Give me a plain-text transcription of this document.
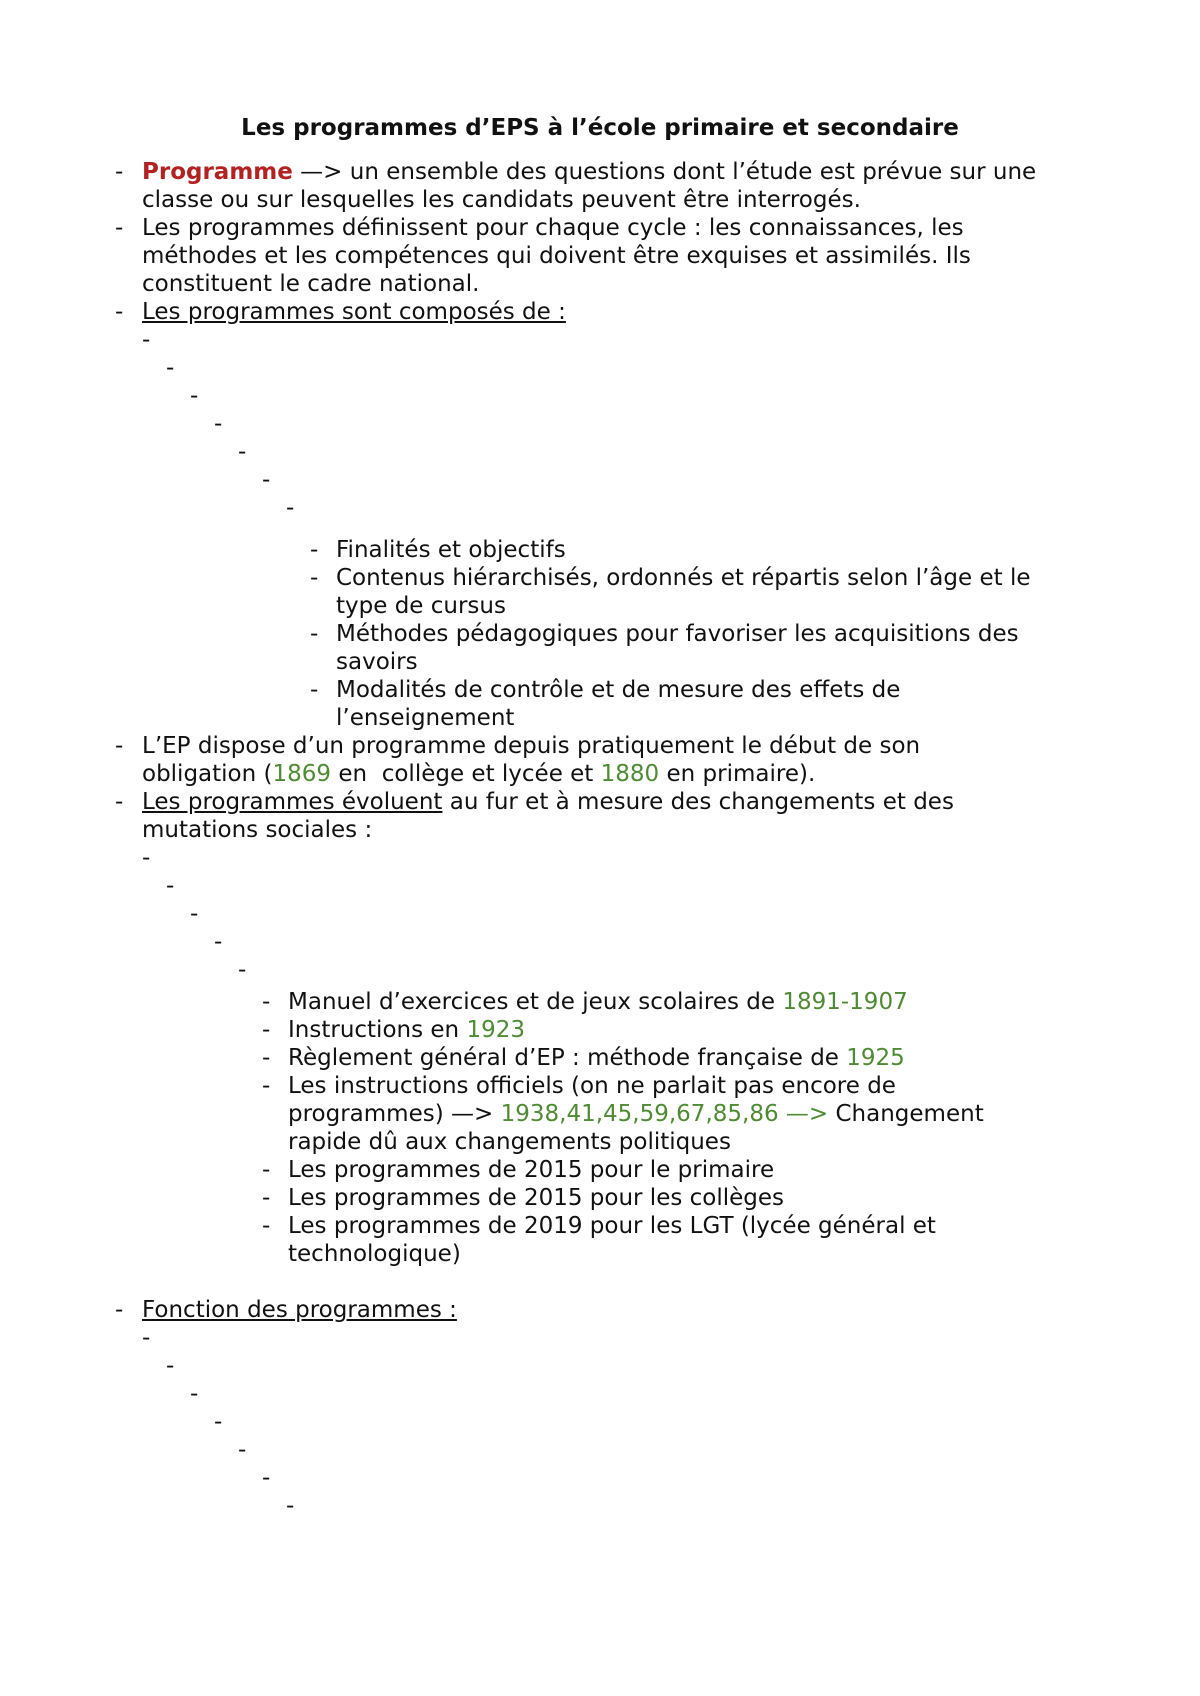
Les programmes d’EPS à l’école primaire et secondaire
- Programme —> un ensemble des questions dont l’étude est prévue sur une
classe ou sur lesquelles les candidats peuvent être interrogés.
- Les programmes définissent pour chaque cycle : les connaissances, les
méthodes et les compétences qui doivent être exquises et assimilés. Ils
constituent le cadre national.
- Les programmes sont composés de :
-
-
-
-
-
-
-
- Finalités et objectifs
- Contenus hiérarchisés, ordonnés et répartis selon l’âge et le
type de cursus
- Méthodes pédagogiques pour favoriser les acquisitions des
savoirs
- Modalités de contrôle et de mesure des effets de
l’enseignement
- L’EP dispose d’un programme depuis pratiquement le début de son
obligation (1869 en  collège et lycée et 1880 en primaire).
- Les programmes évoluent au fur et à mesure des changements et des
mutations sociales :
-
-
-
-
-
- Manuel d’exercices et de jeux scolaires de 1891-1907
- Instructions en 1923
- Règlement général d’EP : méthode française de 1925
- Les instructions officiels (on ne parlait pas encore de
programmes) —> 1938,41,45,59,67,85,86 —> Changement
rapide dû aux changements politiques
- Les programmes de 2015 pour le primaire
- Les programmes de 2015 pour les collèges
- Les programmes de 2019 pour les LGT (lycée général et
technologique)
- Fonction des programmes :
-
-
-
-
-
-
-
